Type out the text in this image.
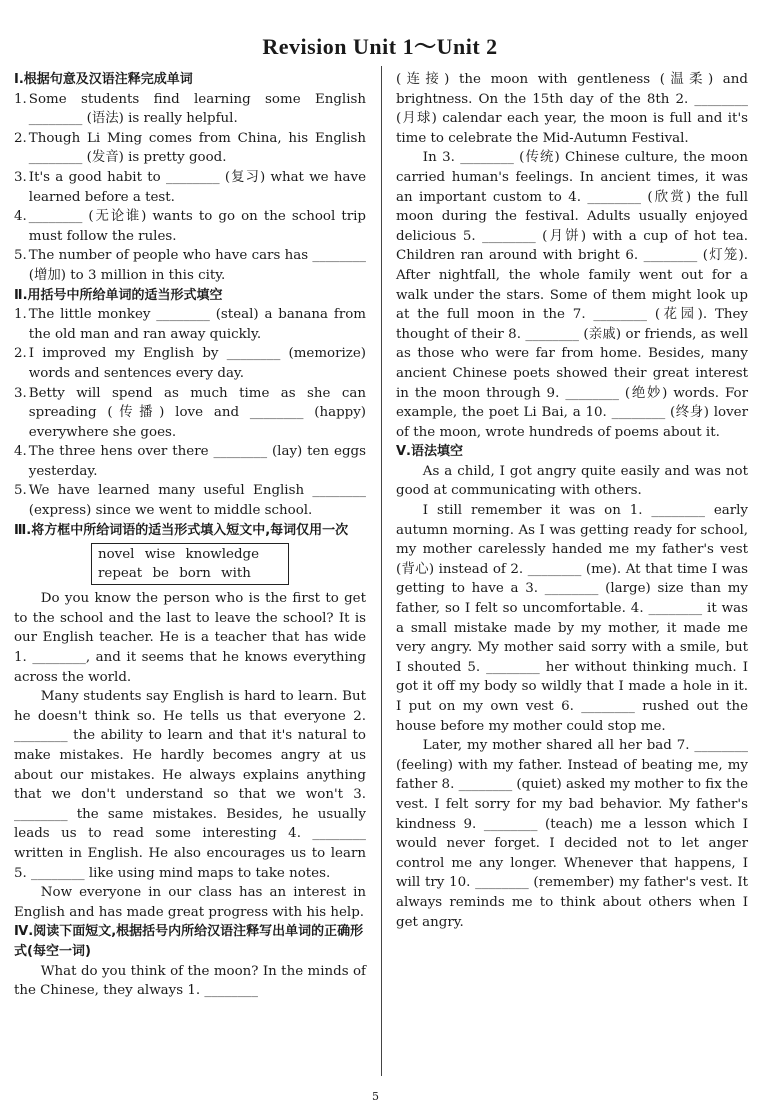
Revision Unit 1～Unit 2
Ⅰ.根据句意及汉语注释完成单词
1. Some students find learning some English ________ (语法) is really helpful.
2. Though Li Ming comes from China, his English ________ (发音) is pretty good.
3. It's a good habit to ________ (复习) what we have learned before a test.
4. ________ (无论谁) wants to go on the school trip must follow the rules.
5. The number of people who have cars has ________ (增加) to 3 million in this city.
Ⅱ.用括号中所给单词的适当形式填空
1. The little monkey ________ (steal) a banana from the old man and ran away quickly.
2. I improved my English by ________ (memorize) words and sentences every day.
3. Betty will spend as much time as she can spreading (传播) love and ________ (happy) everywhere she goes.
4. The three hens over there ________ (lay) ten eggs yesterday.
5. We have learned many useful English ________ (express) since we went to middle school.
Ⅲ.将方框中所给词语的适当形式填入短文中,每词仅用一次
novel wise knowledge
repeat be born with

Do you know the person who is the first to get to the school and the last to leave the school? It is our English teacher. He is a teacher that has wide 1. ________, and it seems that he knows everything across the world.

Many students say English is hard to learn. But he doesn't think so. He tells us that everyone 2. ________ the ability to learn and that it's natural to make mistakes. He hardly becomes angry at us about our mistakes. He always explains anything that we don't understand so that we won't 3. ________ the same mistakes. Besides, he usually leads us to read some interesting 4. ________ written in English. He also encourages us to learn 5. ________ like using mind maps to take notes.

Now everyone in our class has an interest in English and has made great progress with his help.

Ⅳ.阅读下面短文,根据括号内所给汉语注释写出单词的正确形式(每空一词)

What do you think of the moon? In the minds of the Chinese, they always 1. ________

(连接) the moon with gentleness (温柔) and brightness. On the 15th day of the 8th 2. ________ (月球) calendar each year, the moon is full and it's time to celebrate the Mid-Autumn Festival.

In 3. ________ (传统) Chinese culture, the moon carried human's feelings. In ancient times, it was an important custom to 4. ________ (欣赏) the full moon during the festival. Adults usually enjoyed delicious 5. ________ (月饼) with a cup of hot tea. Children ran around with bright 6. ________ (灯笼). After nightfall, the whole family went out for a walk under the stars. Some of them might look up at the full moon in the 7. ________ (花园). They thought of their 8. ________ (亲戚) or friends, as well as those who were far from home. Besides, many ancient Chinese poets showed their great interest in the moon through 9. ________ (绝妙) words. For example, the poet Li Bai, a 10. ________ (终身) lover of the moon, wrote hundreds of poems about it.

Ⅴ.语法填空

As a child, I got angry quite easily and was not good at communicating with others.

I still remember it was on 1. ________ early autumn morning. As I was getting ready for school, my mother carelessly handed me my father's vest (背心) instead of 2. ________ (me). At that time I was getting to have a 3. ________ (large) size than my father, so I felt so uncomfortable. 4. ________ it was a small mistake made by my mother, it made me very angry. My mother said sorry with a smile, but I shouted 5. ________ her without thinking much. I got it off my body so wildly that I made a hole in it. I put on my own vest 6. ________ rushed out the house before my mother could stop me.

Later, my mother shared all her bad 7. ________ (feeling) with my father. Instead of beating me, my father 8. ________ (quiet) asked my mother to fix the vest. I felt sorry for my bad behavior. My father's kindness 9. ________ (teach) me a lesson which I would never forget. I decided not to let anger control me any longer. Whenever that happens, I will try 10. ________ (remember) my father's vest. It always reminds me to think about others when I get angry.

5
